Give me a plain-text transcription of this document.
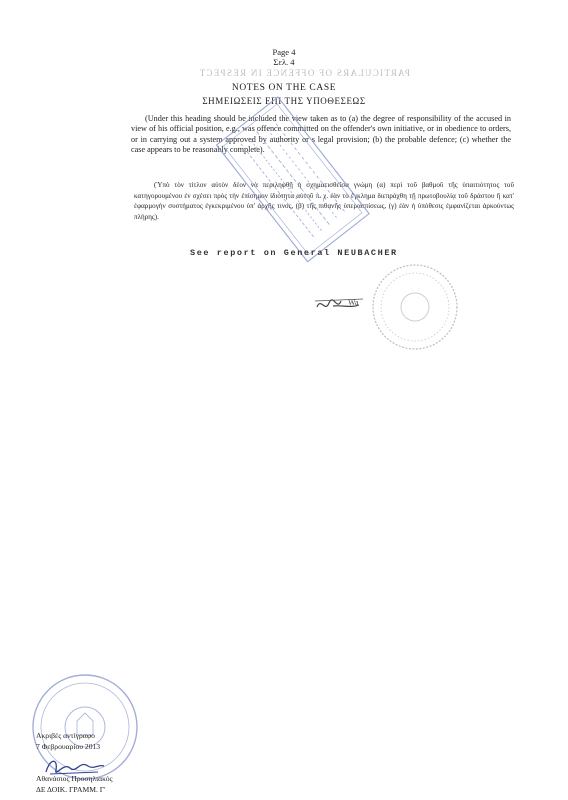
Page 4
Σελ. 4
PARTICULARS OF OFFENCE IN RESPECT
NOTES ON THE CASE
ΣΗΜΕΙΩΣΕΙΣ ΕΠΙ ΤΗΣ ΥΠΟΘΕΣΕΩΣ
(Under this heading should be included the view taken as to (a) the degree of responsibility of the accused in view of his official position, e.g., was offence committed on the offender's own initiative, or in obedience to orders, or in carrying out a system approved by authority or s legal provision; (b) the probable defence; (c) whether the case appears to be reasonably complete).
(Ὑπὸ τὸν τίτλον αὐτὸν δέον νὰ περιληφθῇ ἡ σχηματισθεῖσα γνώμη (α) περὶ τοῦ βαθμοῦ τῆς ὑπαιτιότητος τοῦ κατηγορουμένου ἐν σχέσει πρὸς τὴν ἐπίσημον ἰδιότητα αὐτοῦ π. χ. ἐὰν τὸ ἔγκλημα διεπράχθη τῇ πρωτοβουλίᾳ τοῦ δράστου ἢ κατ' ἐφαρμογὴν συστήματος ἐγκεκριμένου ὑπ' ἀρχῆς τινος, (β) τῆς πιθανῆς ὑπερασπίσεως, (γ) ἐὰν ἡ ὑπόθεσις ἐμφανίζεται ἀρκούντως πλήρης).
See report on General NEUBACHER
Wa
Ακριβές αντίγραφο
7 Φεβρουαρίου 2013
Αθανάσιος Προσηλιακός
ΔΕ ΔΟΙΚ. ΓΡΑΜΜ. Γ'
